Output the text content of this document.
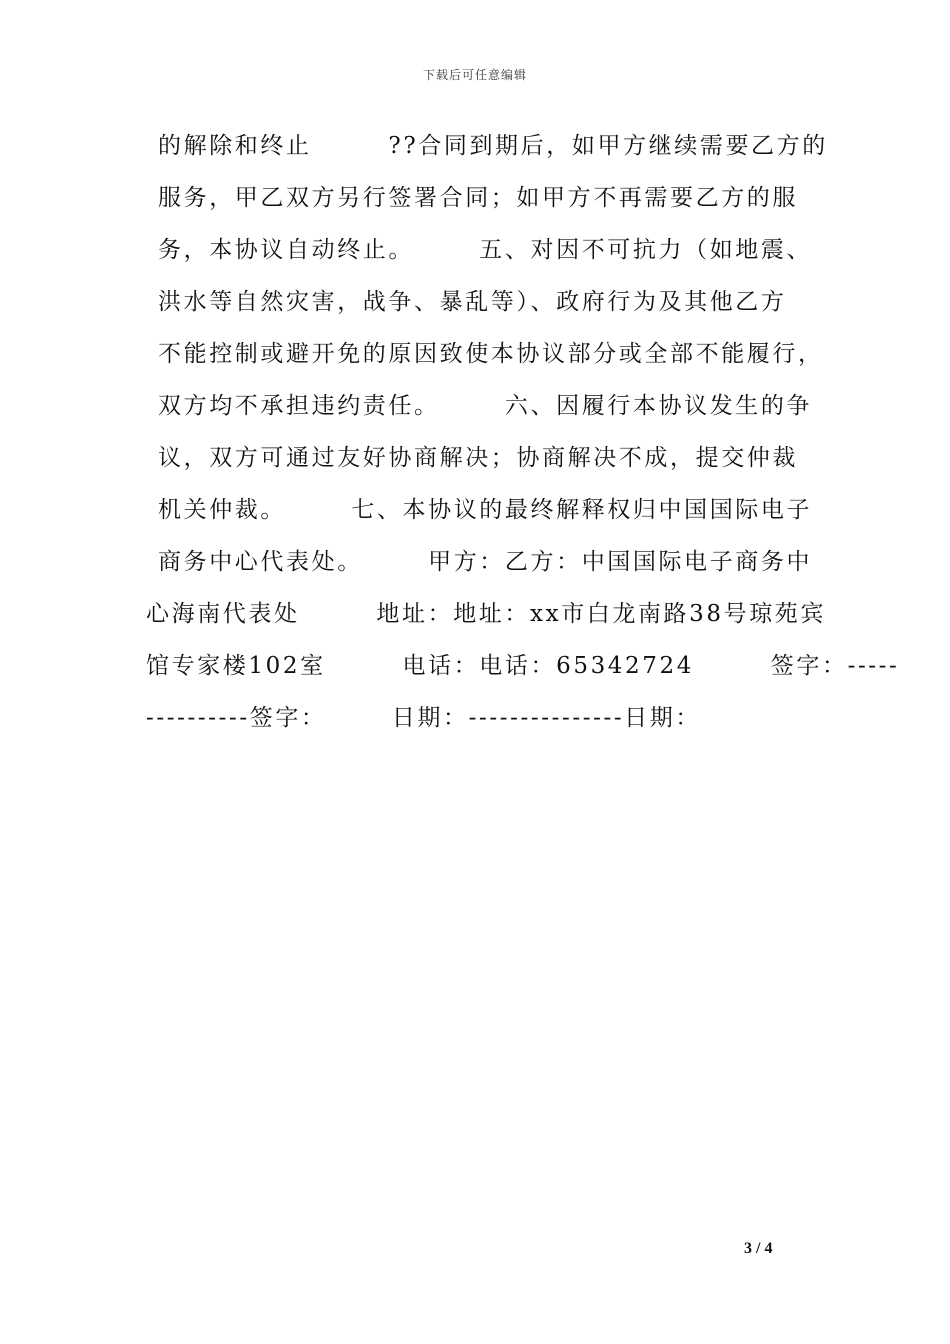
下载后可任意编辑
的解除和终止　　　??合同到期后，如甲方继续需要乙方的
服务，甲乙双方另行签署合同；如甲方不再需要乙方的服
务，本协议自动终止。　　　五、对因不可抗力（如地震、
洪水等自然灾害，战争、暴乱等）、政府行为及其他乙方
不能控制或避开免的原因致使本协议部分或全部不能履行，
双方均不承担违约责任。　　　六、因履行本协议发生的争
议，双方可通过友好协商解决；协商解决不成，提交仲裁
机关仲裁。　　　七、本协议的最终解释权归中国国际电子
商务中心代表处。　　　甲方：乙方：中国国际电子商务中
心海南代表处　　　地址：地址：xx市白龙南路38号琼苑宾
馆专家楼102室　　　电话：电话：65342724　　　签字：-----
----------签字：　　　日期：---------------日期：
3 / 4
